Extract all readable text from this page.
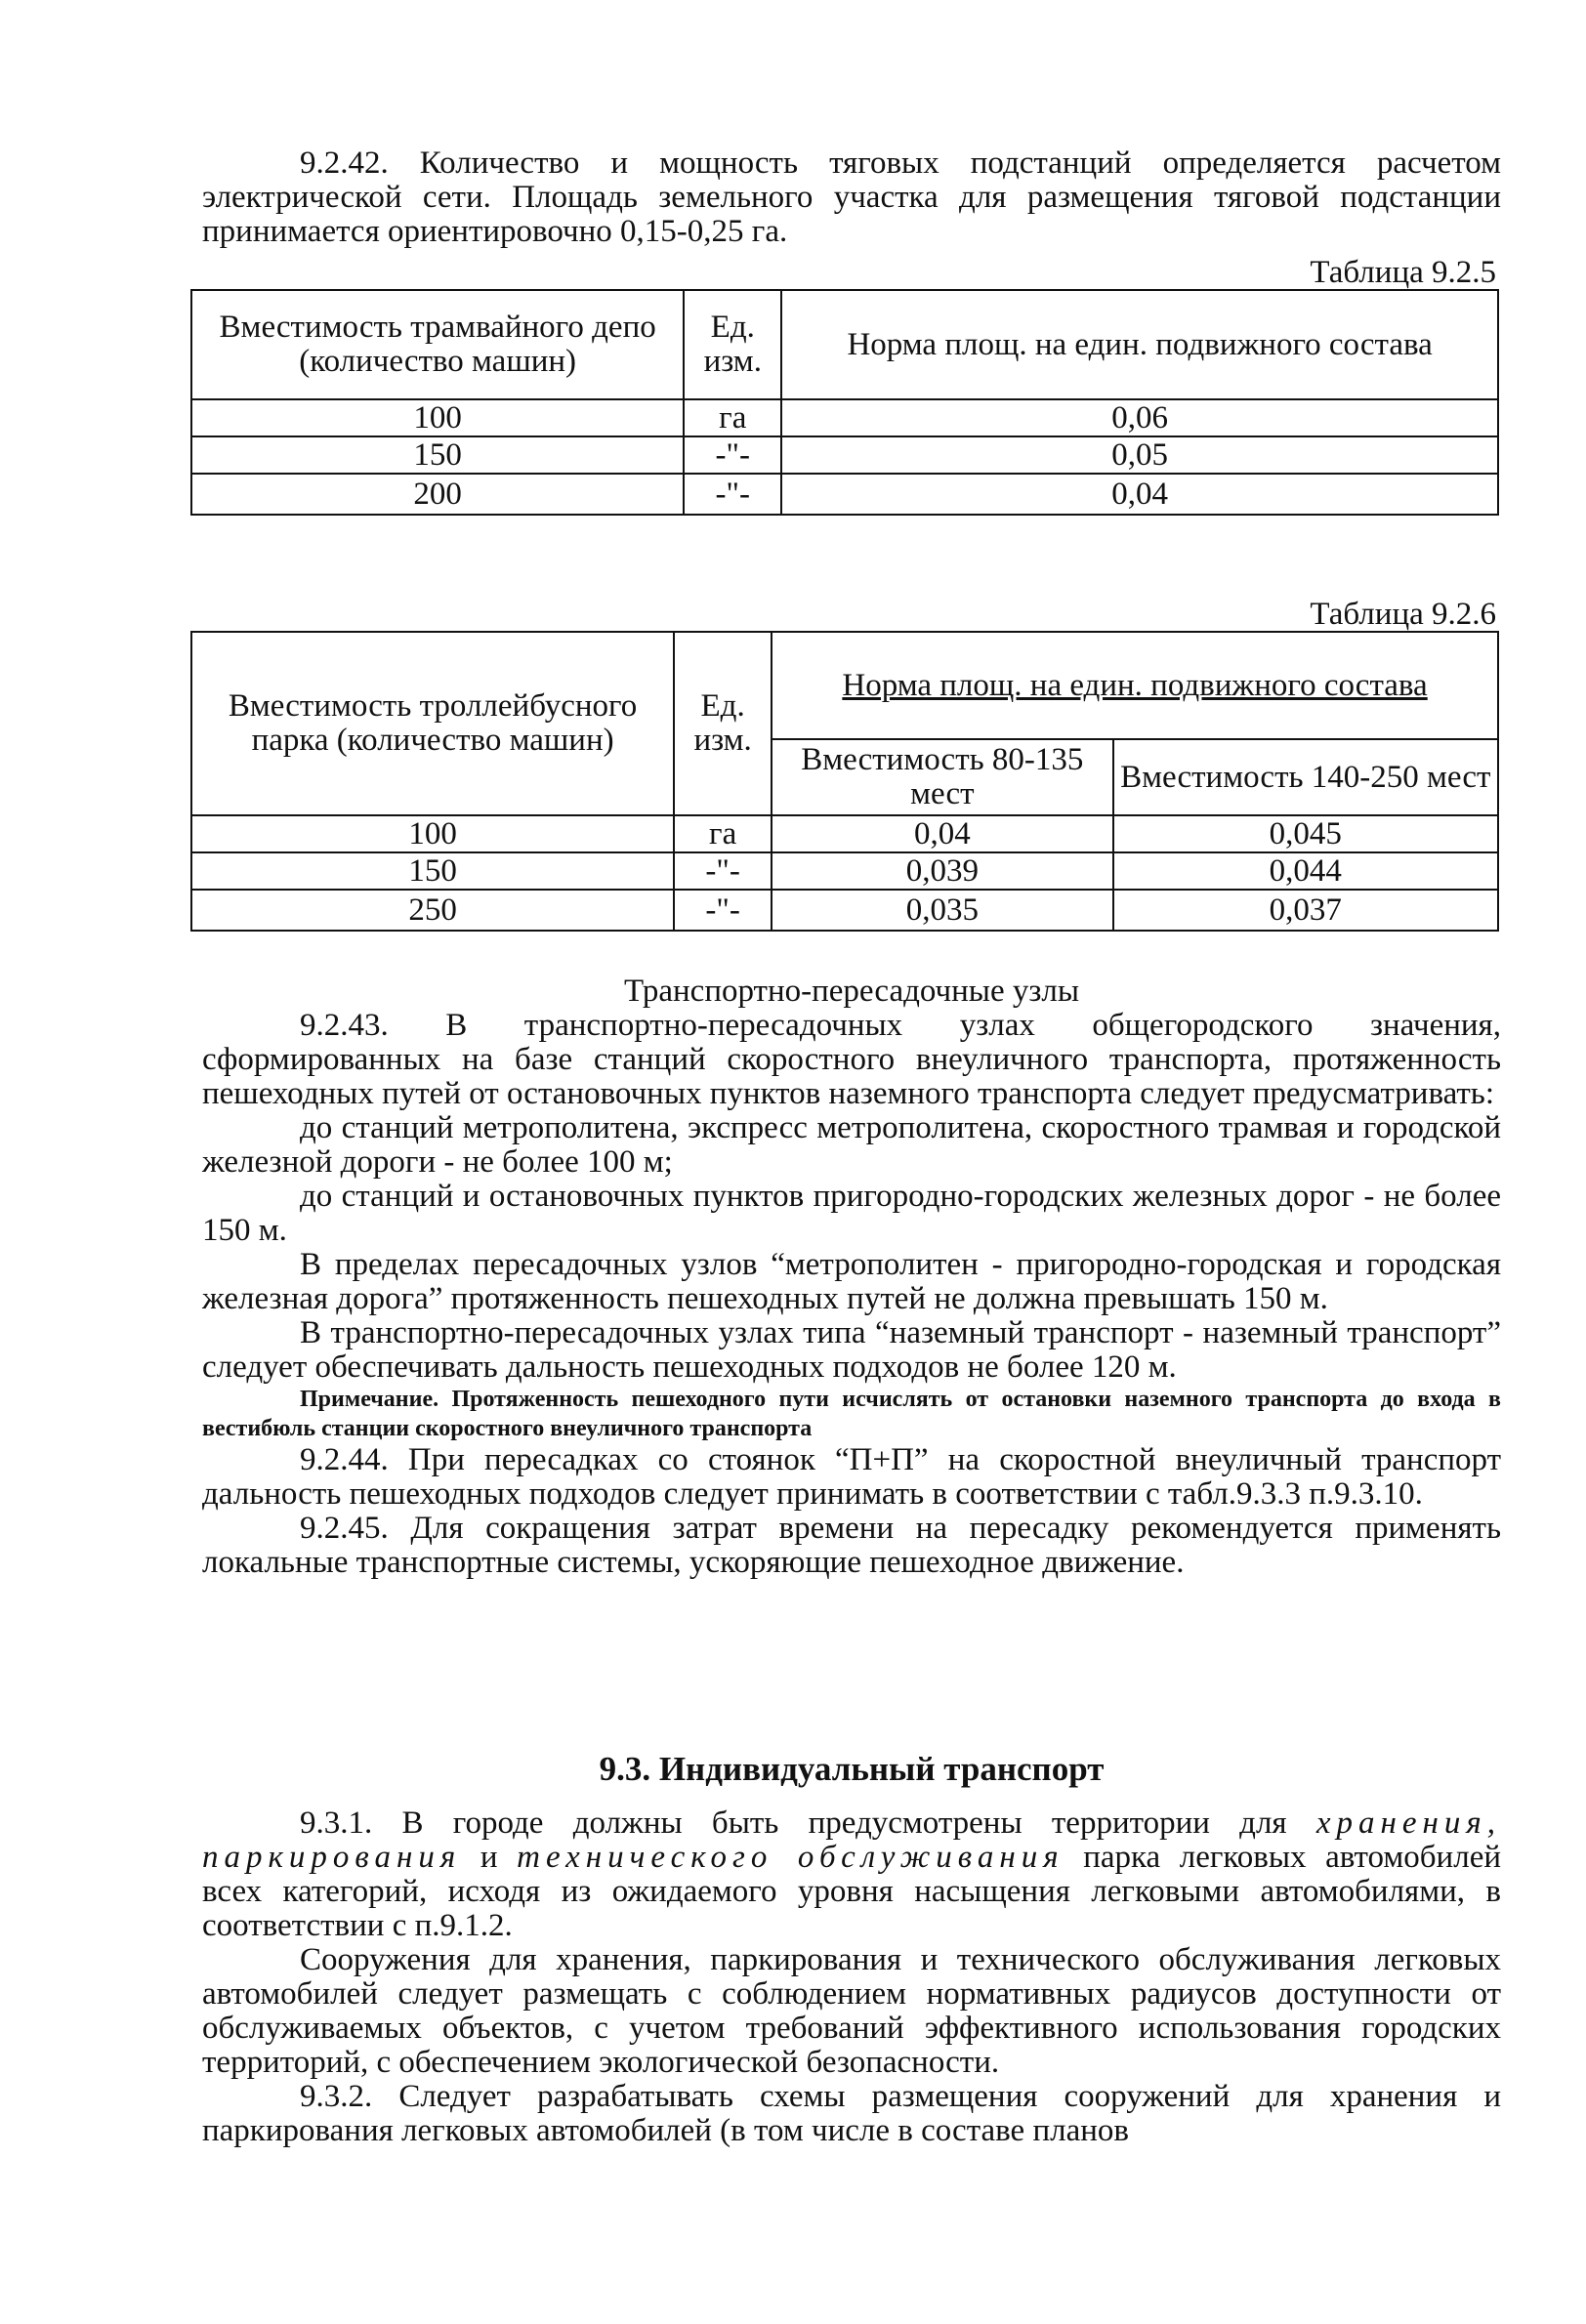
9.2.42. Количество и мощность тяговых подстанций определяется расчетом электрической сети. Площадь земельного участка для размещения тяговой подстанции принимается ориентировочно 0,15-0,25 га.

Таблица 9.2.5
Вместимость трамвайного депо (количество машин)	Ед. изм.	Норма площ. на един. подвижного состава
100	га	0,06
150	-"-	0,05
200	-"-	0,04
Таблица 9.2.6
Вместимость троллейбусного парка (количество машин)	Ед. изм.	Норма площ. на един. подвижного состава	
		Вместимость 80-135 мест	Вместимость 140-250 мест
100	га	0,04	0,045
150	-"-	0,039	0,044
250	-"-	0,035	0,037

Транспортно-пересадочные узлы

9.2.43. В транспортно-пересадочных узлах общегородского значения, сформированных на базе станций скоростного внеуличного транспорта, протяженность пешеходных путей от остановочных пунктов наземного транспорта следует предусматривать:

до станций метрополитена, экспресс метрополитена, скоростного трамвая и городской железной дороги - не более 100 м;

до станций и остановочных пунктов пригородно-городских железных дорог - не более 150 м.

В пределах пересадочных узлов “метрополитен - пригородно-городская и городская железная дорога” протяженность пешеходных путей не должна превышать 150 м.

В транспортно-пересадочных узлах типа “наземный транспорт - наземный транспорт” следует обеспечивать дальность пешеходных подходов не более 120 м.

Примечание. Протяженность пешеходного пути исчислять от остановки наземного транспорта до входа в вестибюль станции скоростного внеуличного транспорта

9.2.44. При пересадках со стоянок “П+П” на скоростной внеуличный транспорт дальность пешеходных подходов следует принимать в соответствии с табл.9.3.3 п.9.3.10.

9.2.45. Для сокращения затрат времени на пересадку рекомендуется применять локальные транспортные системы, ускоряющие пешеходное движение.

9.3. Индивидуальный транспорт

9.3.1. В городе должны быть предусмотрены территории для хранения, паркирования и технического обслуживания парка легковых автомобилей всех категорий, исходя из ожидаемого уровня насыщения легковыми автомобилями, в соответствии с п.9.1.2.

Сооружения для хранения, паркирования и технического обслуживания легковых автомобилей следует размещать с соблюдением нормативных радиусов доступности от обслуживаемых объектов, с учетом требований эффективного использования городских территорий, с обеспечением экологической безопасности.

9.3.2. Следует разрабатывать схемы размещения сооружений для хранения и паркирования легковых автомобилей (в том числе в составе планов
